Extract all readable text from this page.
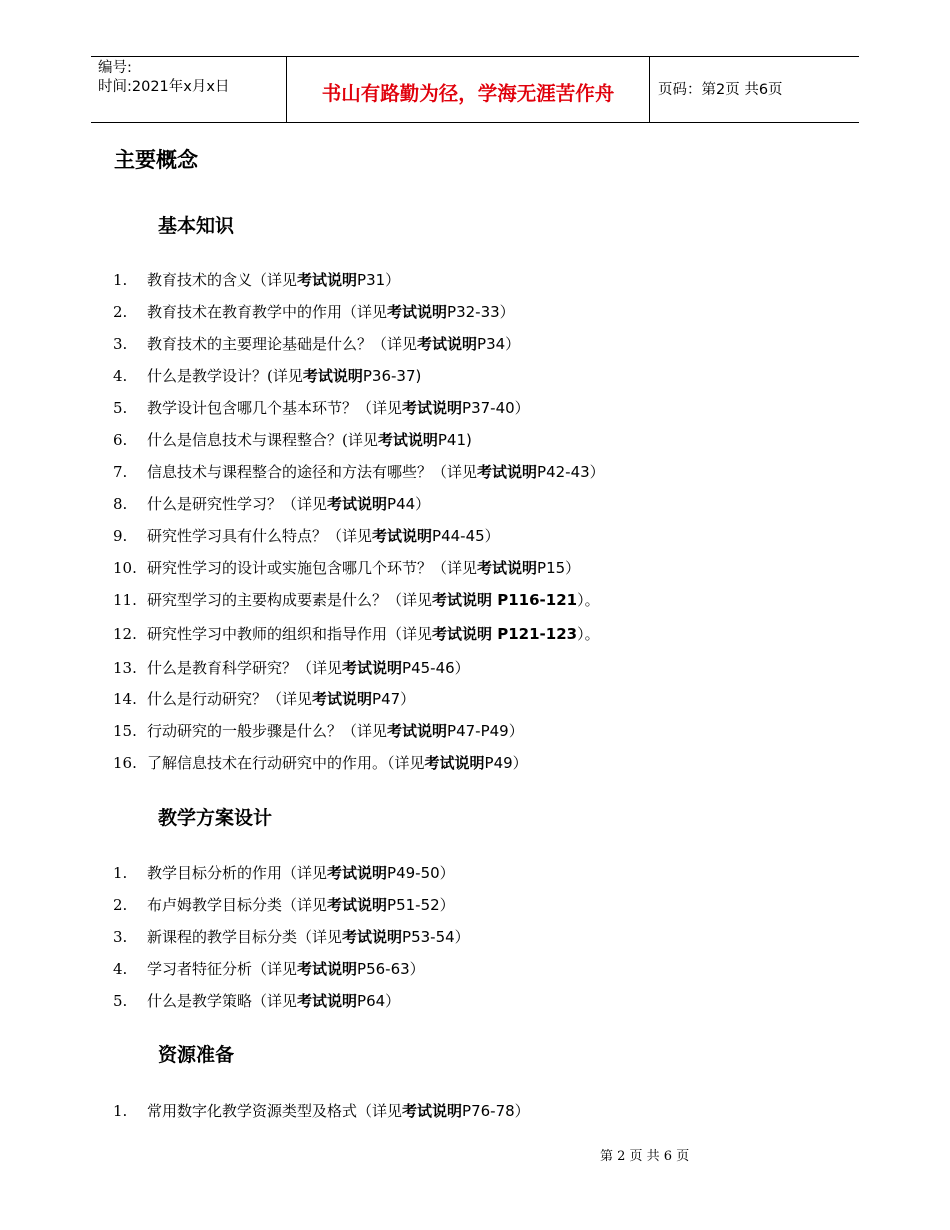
编号:
时间:2021年x月x日	书山有路勤为径，学海无涯苦作舟	页码：第2页 共6页
主要概念
基本知识
1. 教育技术的含义（详见考试说明P31）
2. 教育技术在教育教学中的作用（详见考试说明P32-33）
3. 教育技术的主要理论基础是什么？（详见考试说明P34）
4. 什么是教学设计？(详见考试说明P36-37)
5. 教学设计包含哪几个基本环节？（详见考试说明P37-40）
6. 什么是信息技术与课程整合？(详见考试说明P41)
7. 信息技术与课程整合的途径和方法有哪些？（详见考试说明P42-43）
8. 什么是研究性学习？（详见考试说明P44）
9. 研究性学习具有什么特点？（详见考试说明P44-45）
10. 研究性学习的设计或实施包含哪几个环节？（详见考试说明P15）
11. 研究型学习的主要构成要素是什么？（详见考试说明 P116-121）。
12. 研究性学习中教师的组织和指导作用（详见考试说明 P121-123）。
13. 什么是教育科学研究？（详见考试说明P45-46）
14. 什么是行动研究？（详见考试说明P47）
15. 行动研究的一般步骤是什么？（详见考试说明P47-P49）
16. 了解信息技术在行动研究中的作用。（详见考试说明P49）
教学方案设计
1. 教学目标分析的作用（详见考试说明P49-50）
2. 布卢姆教学目标分类（详见考试说明P51-52）
3. 新课程的教学目标分类（详见考试说明P53-54）
4. 学习者特征分析（详见考试说明P56-63）
5. 什么是教学策略（详见考试说明P64）
资源准备
1. 常用数字化教学资源类型及格式（详见考试说明P76-78）
第 2 页 共 6 页
